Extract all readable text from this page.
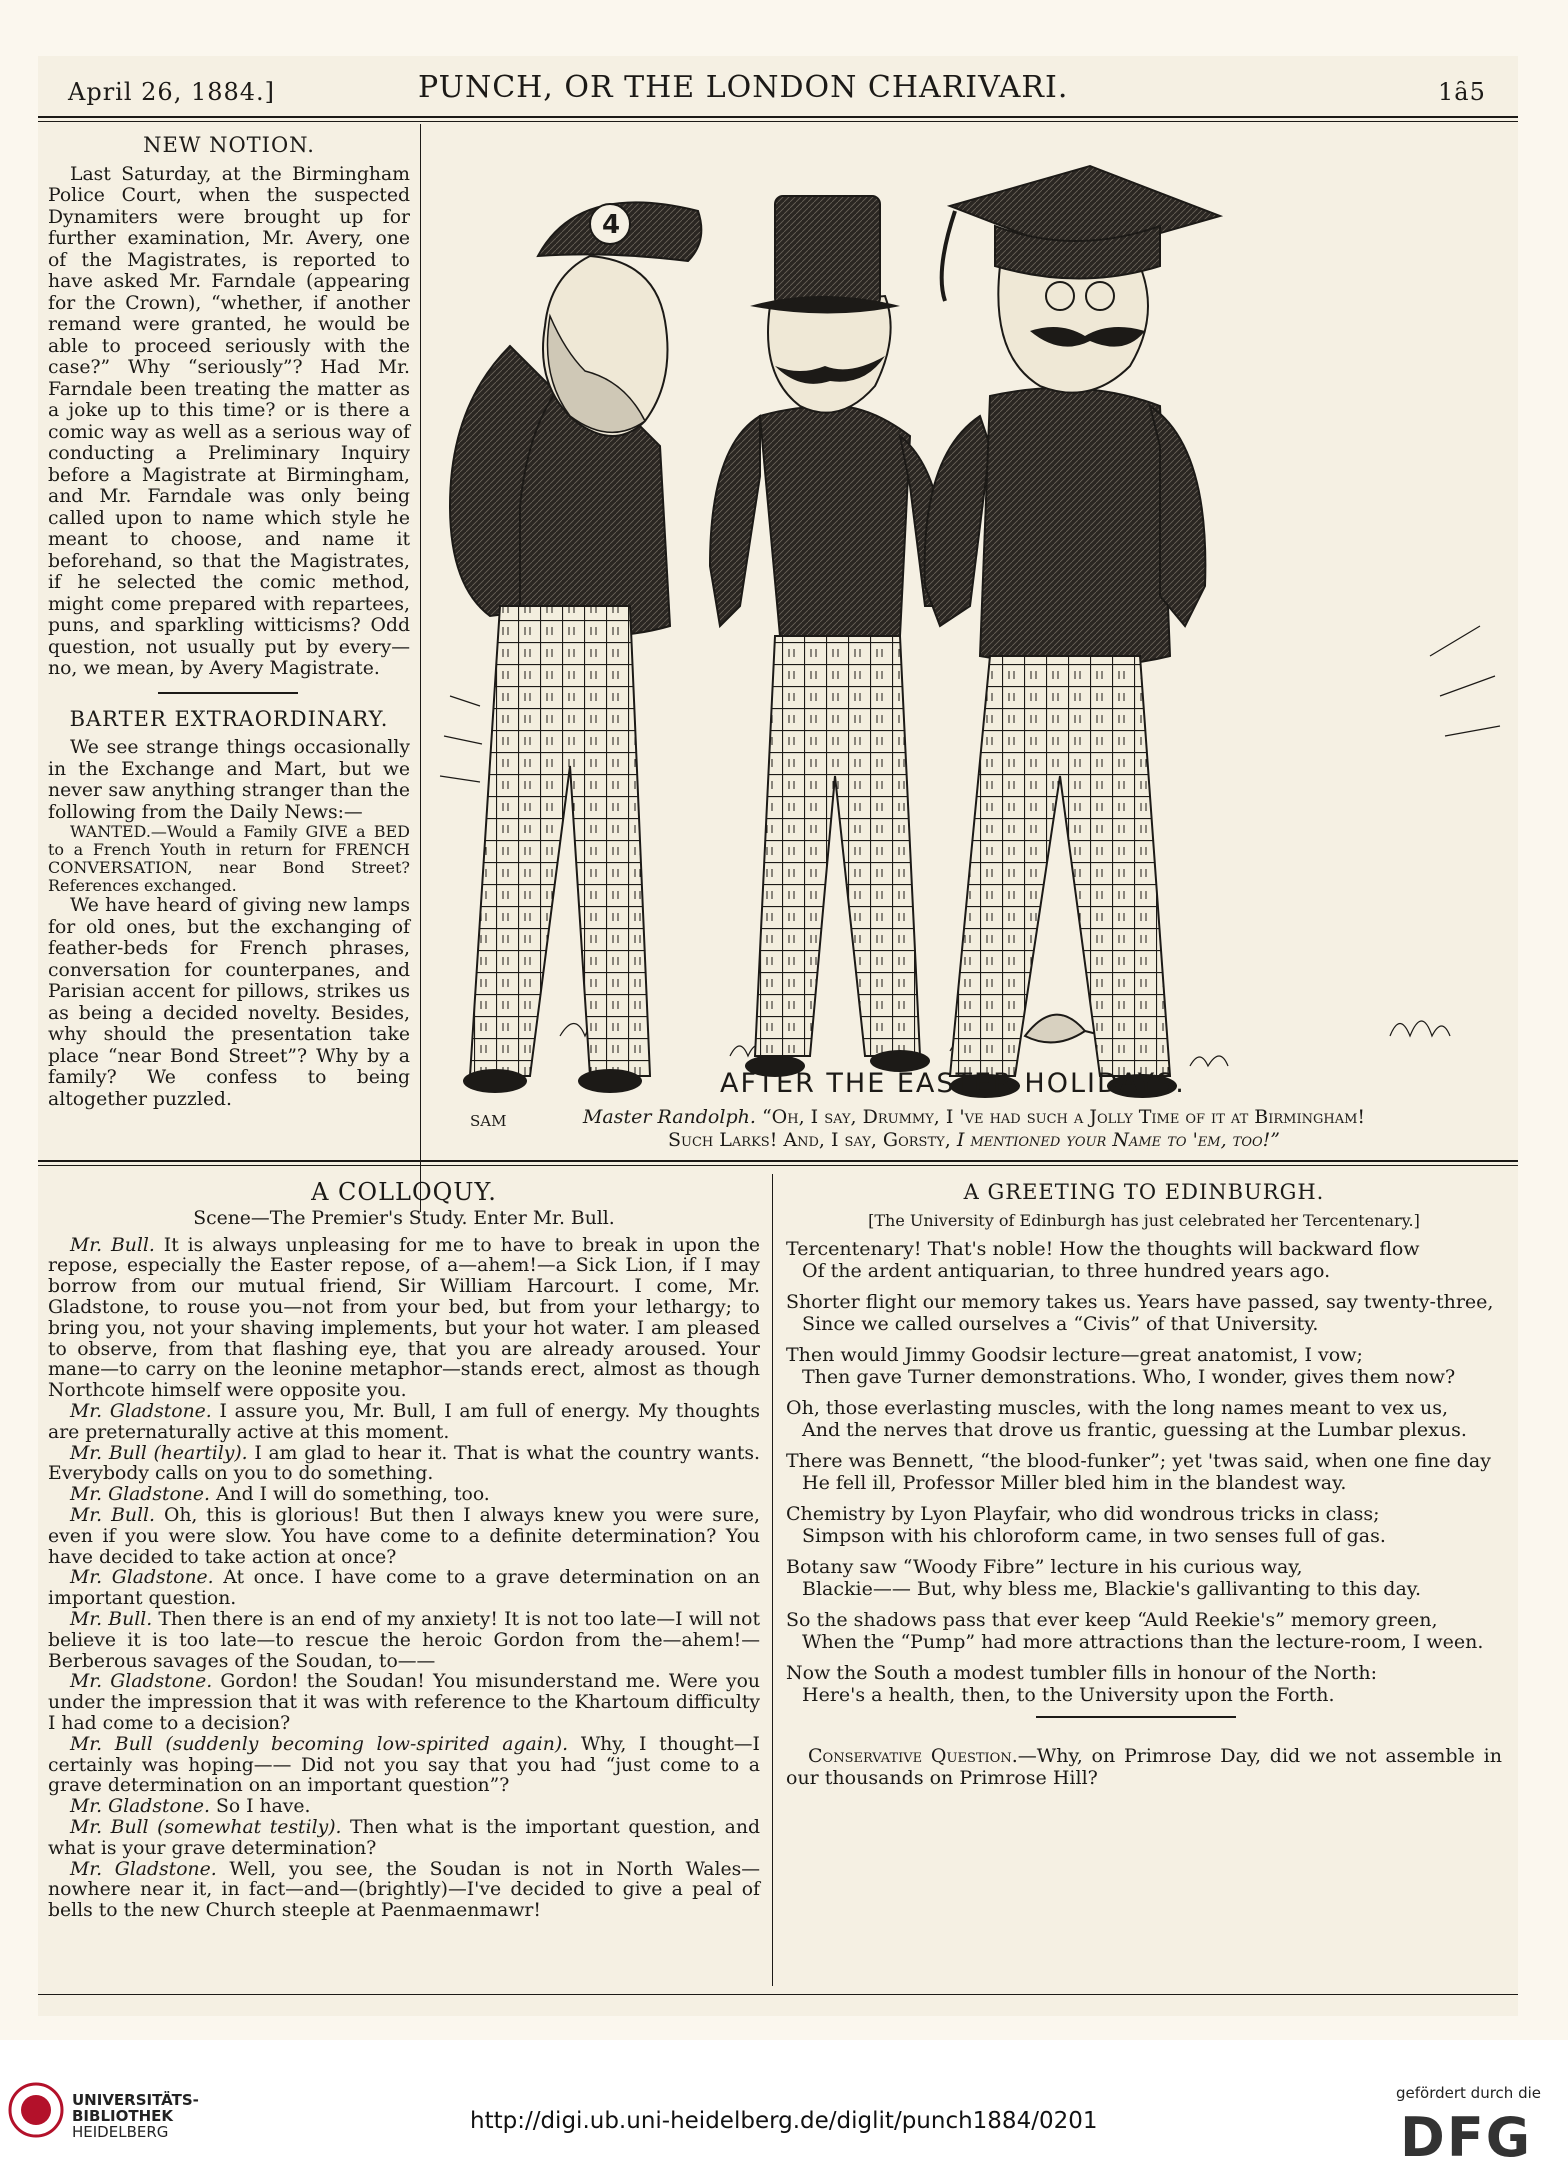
April 26, 1884.]	PUNCH, OR THE LONDON CHARIVARI.	1ȃ5
NEW NOTION.

Last Saturday, at the Birmingham Police Court, when the suspected Dynamiters were brought up for further examination, Mr. Avery, one of the Magistrates, is reported to have asked Mr. Farndale (appearing for the Crown), “whether, if another remand were granted, he would be able to proceed seriously with the case?” Why “seriously”? Had Mr. Farndale been treating the matter as a joke up to this time? or is there a comic way as well as a serious way of conducting a Preliminary Inquiry before a Magistrate at Birmingham, and Mr. Farndale was only being called upon to name which style he meant to choose, and name it beforehand, so that the Magistrates, if he selected the comic method, might come prepared with repartees, puns, and sparkling witticisms? Odd question, not usually put by every—no, we mean, by Avery Magistrate.

BARTER EXTRAORDINARY.

We see strange things occasionally in the Exchange and Mart, but we never saw anything stranger than the following from the Daily News:—

WANTED.—Would a Family GIVE a BED to a French Youth in return for FRENCH CONVERSATION, near Bond Street? References exchanged.

We have heard of giving new lamps for old ones, but the exchanging of feather-beds for French phrases, conversation for counterpanes, and Parisian accent for pillows, strikes us as being a decided novelty. Besides, why should the presentation take place “near Bond Street”? Why by a family? We confess to being altogether puzzled.

4
SAM
AFTER THE EASTER HOLIDAYS.
Master Randolph. “Oh, I say, Drummy, I 've had such a Jolly Time of it at Birmingham!
Such Larks! And, I say, Gorsty, I mentioned your Name to 'em, too!”
A COLLOQUY.
Scene—The Premier's Study. Enter Mr. Bull.

Mr. Bull. It is always unpleasing for me to have to break in upon the repose, especially the Easter repose, of a—ahem!—a Sick Lion, if I may borrow from our mutual friend, Sir William Harcourt. I come, Mr. Gladstone, to rouse you—not from your bed, but from your lethargy; to bring you, not your shaving implements, but your hot water. I am pleased to observe, from that flashing eye, that you are already aroused. Your mane—to carry on the leonine metaphor—stands erect, almost as though Northcote himself were opposite you.

Mr. Gladstone. I assure you, Mr. Bull, I am full of energy. My thoughts are preternaturally active at this moment.

Mr. Bull (heartily). I am glad to hear it. That is what the country wants. Everybody calls on you to do something.

Mr. Gladstone. And I will do something, too.

Mr. Bull. Oh, this is glorious! But then I always knew you were sure, even if you were slow. You have come to a definite determination? You have decided to take action at once?

Mr. Gladstone. At once. I have come to a grave determination on an important question.

Mr. Bull. Then there is an end of my anxiety! It is not too late—I will not believe it is too late—to rescue the heroic Gordon from the—ahem!—Berberous savages of the Soudan, to——

Mr. Gladstone. Gordon! the Soudan! You misunderstand me. Were you under the impression that it was with reference to the Khartoum difficulty I had come to a decision?

Mr. Bull (suddenly becoming low-spirited again). Why, I thought—I certainly was hoping—— Did not you say that you had “just come to a grave determination on an important question”?

Mr. Gladstone. So I have.

Mr. Bull (somewhat testily). Then what is the important question, and what is your grave determination?

Mr. Gladstone. Well, you see, the Soudan is not in North Wales—nowhere near it, in fact—and—(brightly)—I've decided to give a peal of bells to the new Church steeple at Paenmaenmawr!

A GREETING TO EDINBURGH.
[The University of Edinburgh has just celebrated her Tercentenary.]

Tercentenary! That's noble! How the thoughts will backward flow
Of the ardent antiquarian, to three hundred years ago.

Shorter flight our memory takes us. Years have passed, say twenty-three,
Since we called ourselves a “Civis” of that University.

Then would Jimmy Goodsir lecture—great anatomist, I vow;
Then gave Turner demonstrations. Who, I wonder, gives them now?

Oh, those everlasting muscles, with the long names meant to vex us,
And the nerves that drove us frantic, guessing at the Lumbar plexus.

There was Bennett, “the blood-funker”; yet 'twas said, when one fine day
He fell ill, Professor Miller bled him in the blandest way.

Chemistry by Lyon Playfair, who did wondrous tricks in class;
Simpson with his chloroform came, in two senses full of gas.

Botany saw “Woody Fibre” lecture in his curious way,
Blackie—— But, why bless me, Blackie's gallivanting to this day.

So the shadows pass that ever keep “Auld Reekie's” memory green,
When the “Pump” had more attractions than the lecture-room, I ween.

Now the South a modest tumbler fills in honour of the North:
Here's a health, then, to the University upon the Forth.

Conservative Question.—Why, on Primrose Day, did we not assemble in our thousands on Primrose Hill?

UNIVERSITÄTS-
BIBLIOTHEK
HEIDELBERG	http://digi.ub.uni-heidelberg.de/diglit/punch1884/0201
gefördert durch die
DFG
